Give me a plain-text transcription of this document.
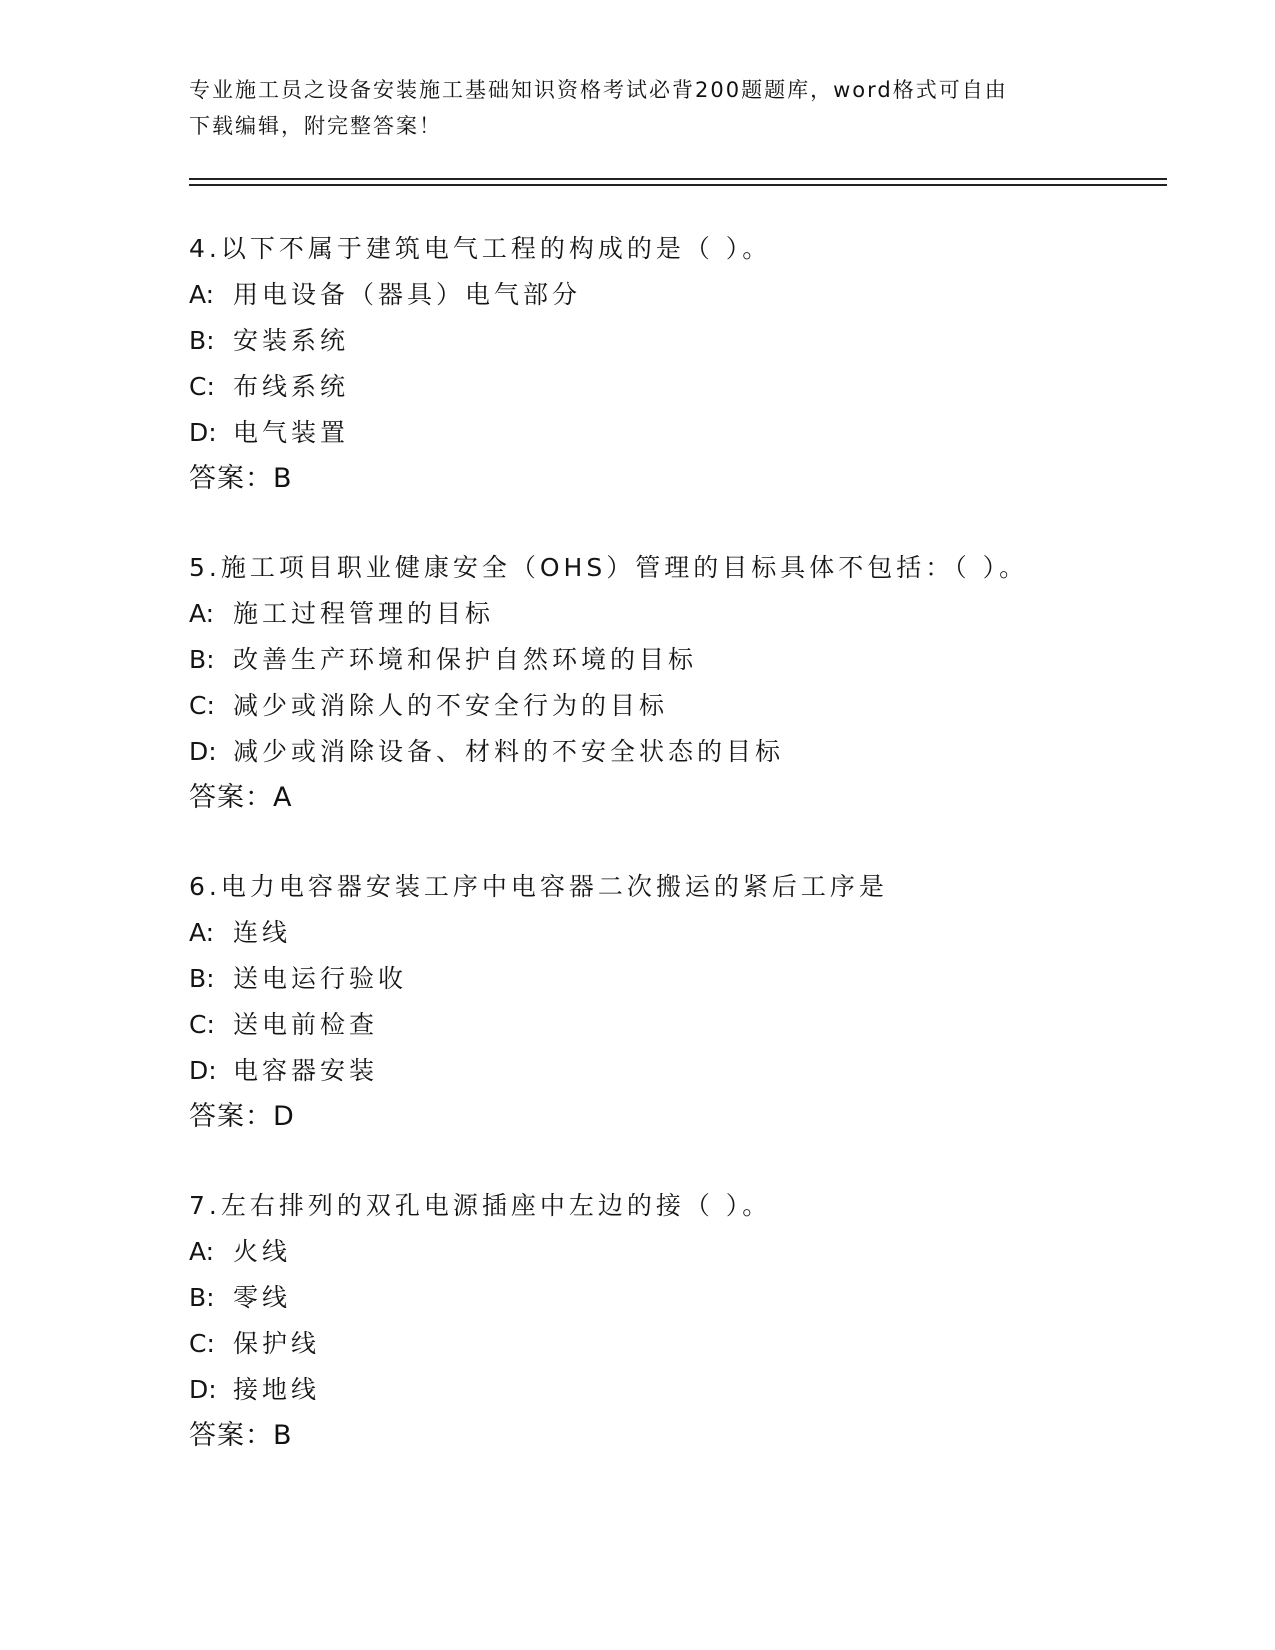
专业施工员之设备安装施工基础知识资格考试必背200题题库，word格式可自由
下载编辑，附完整答案！
4.以下不属于建筑电气工程的构成的是（ ）。
A: 用电设备（器具）电气部分
B: 安装系统
C: 布线系统
D: 电气装置
答案：B
5.施工项目职业健康安全（OHS）管理的目标具体不包括：（ ）。
A: 施工过程管理的目标
B: 改善生产环境和保护自然环境的目标
C: 减少或消除人的不安全行为的目标
D: 减少或消除设备、材料的不安全状态的目标
答案：A
6.电力电容器安装工序中电容器二次搬运的紧后工序是
A: 连线
B: 送电运行验收
C: 送电前检查
D: 电容器安装
答案：D
7.左右排列的双孔电源插座中左边的接（ ）。
A: 火线
B: 零线
C: 保护线
D: 接地线
答案：B
